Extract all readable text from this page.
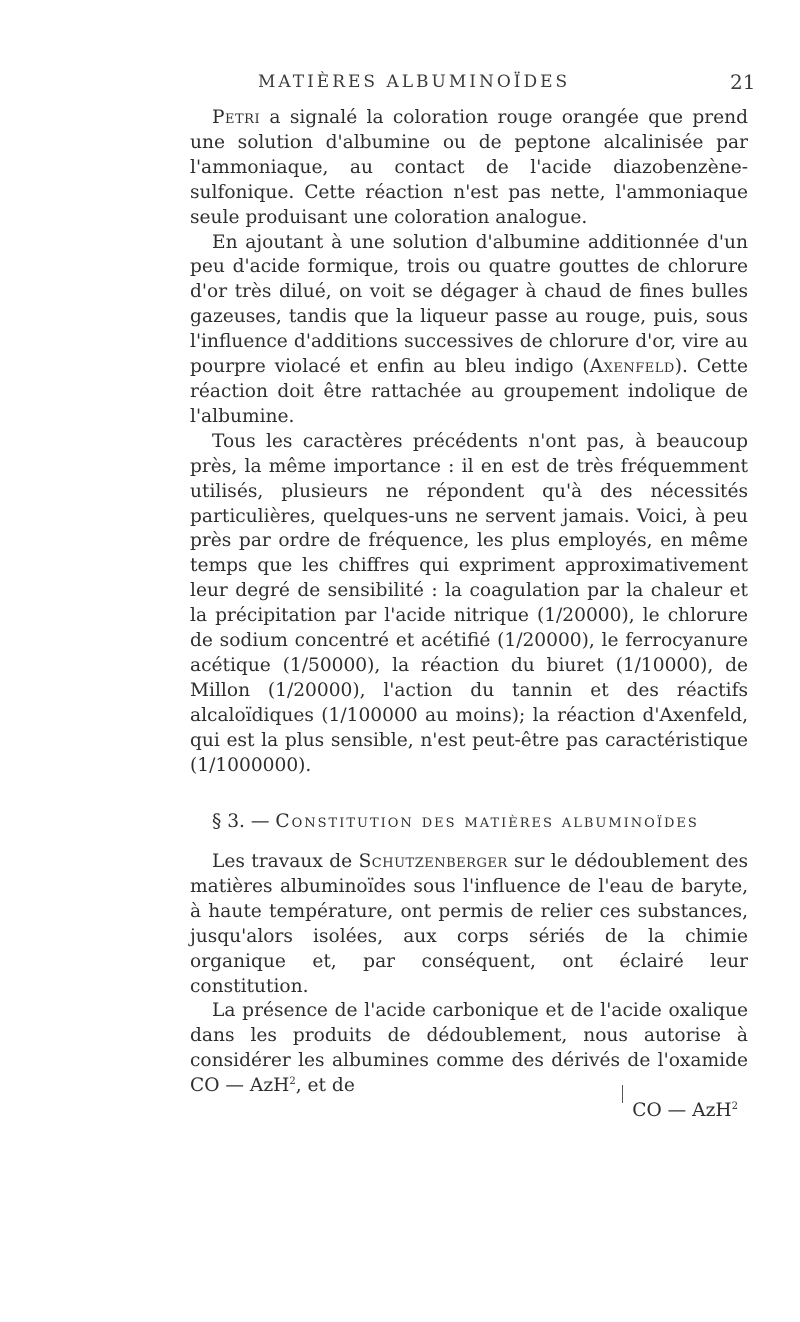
MATIÈRES ALBUMINOÏDES	21

Petri a signalé la coloration rouge orangée que prend une solution d'albumine ou de peptone alcalinisée par l'ammoniaque, au contact de l'acide diazobenzène-sulfonique. Cette réaction n'est pas nette, l'ammoniaque seule produisant une coloration analogue.

En ajoutant à une solution d'albumine additionnée d'un peu d'acide formique, trois ou quatre gouttes de chlorure d'or très dilué, on voit se dégager à chaud de fines bulles gazeuses, tandis que la liqueur passe au rouge, puis, sous l'influence d'additions successives de chlorure d'or, vire au pourpre violacé et enfin au bleu indigo (Axenfeld). Cette réaction doit être rattachée au groupement indolique de l'albumine.

Tous les caractères précédents n'ont pas, à beaucoup près, la même importance : il en est de très fréquemment utilisés, plusieurs ne répondent qu'à des nécessités particulières, quelques-uns ne servent jamais. Voici, à peu près par ordre de fréquence, les plus employés, en même temps que les chiffres qui expriment approximativement leur degré de sensibilité : la coagulation par la chaleur et la précipitation par l'acide nitrique (1/20000), le chlorure de sodium concentré et acétifié (1/20000), le ferrocyanure acétique (1/50000), la réaction du biuret (1/10000), de Millon (1/20000), l'action du tannin et des réactifs alcaloïdiques (1/100000 au moins); la réaction d'Axenfeld, qui est la plus sensible, n'est peut-être pas caractéristique (1/1000000).

§ 3. — Constitution des matières albuminoïdes

Les travaux de Schutzenberger sur le dédoublement des matières albuminoïdes sous l'influence de l'eau de baryte, à haute température, ont permis de relier ces substances, jusqu'alors isolées, aux corps sériés de la chimie organique et, par conséquent, ont éclairé leur constitution.

La présence de l'acide carbonique et de l'acide oxalique dans les produits de dédoublement, nous autorise à considérer les albumines comme des dérivés de l'oxamide CO — AzH$^2$, et de

CO — AzH$^2$
